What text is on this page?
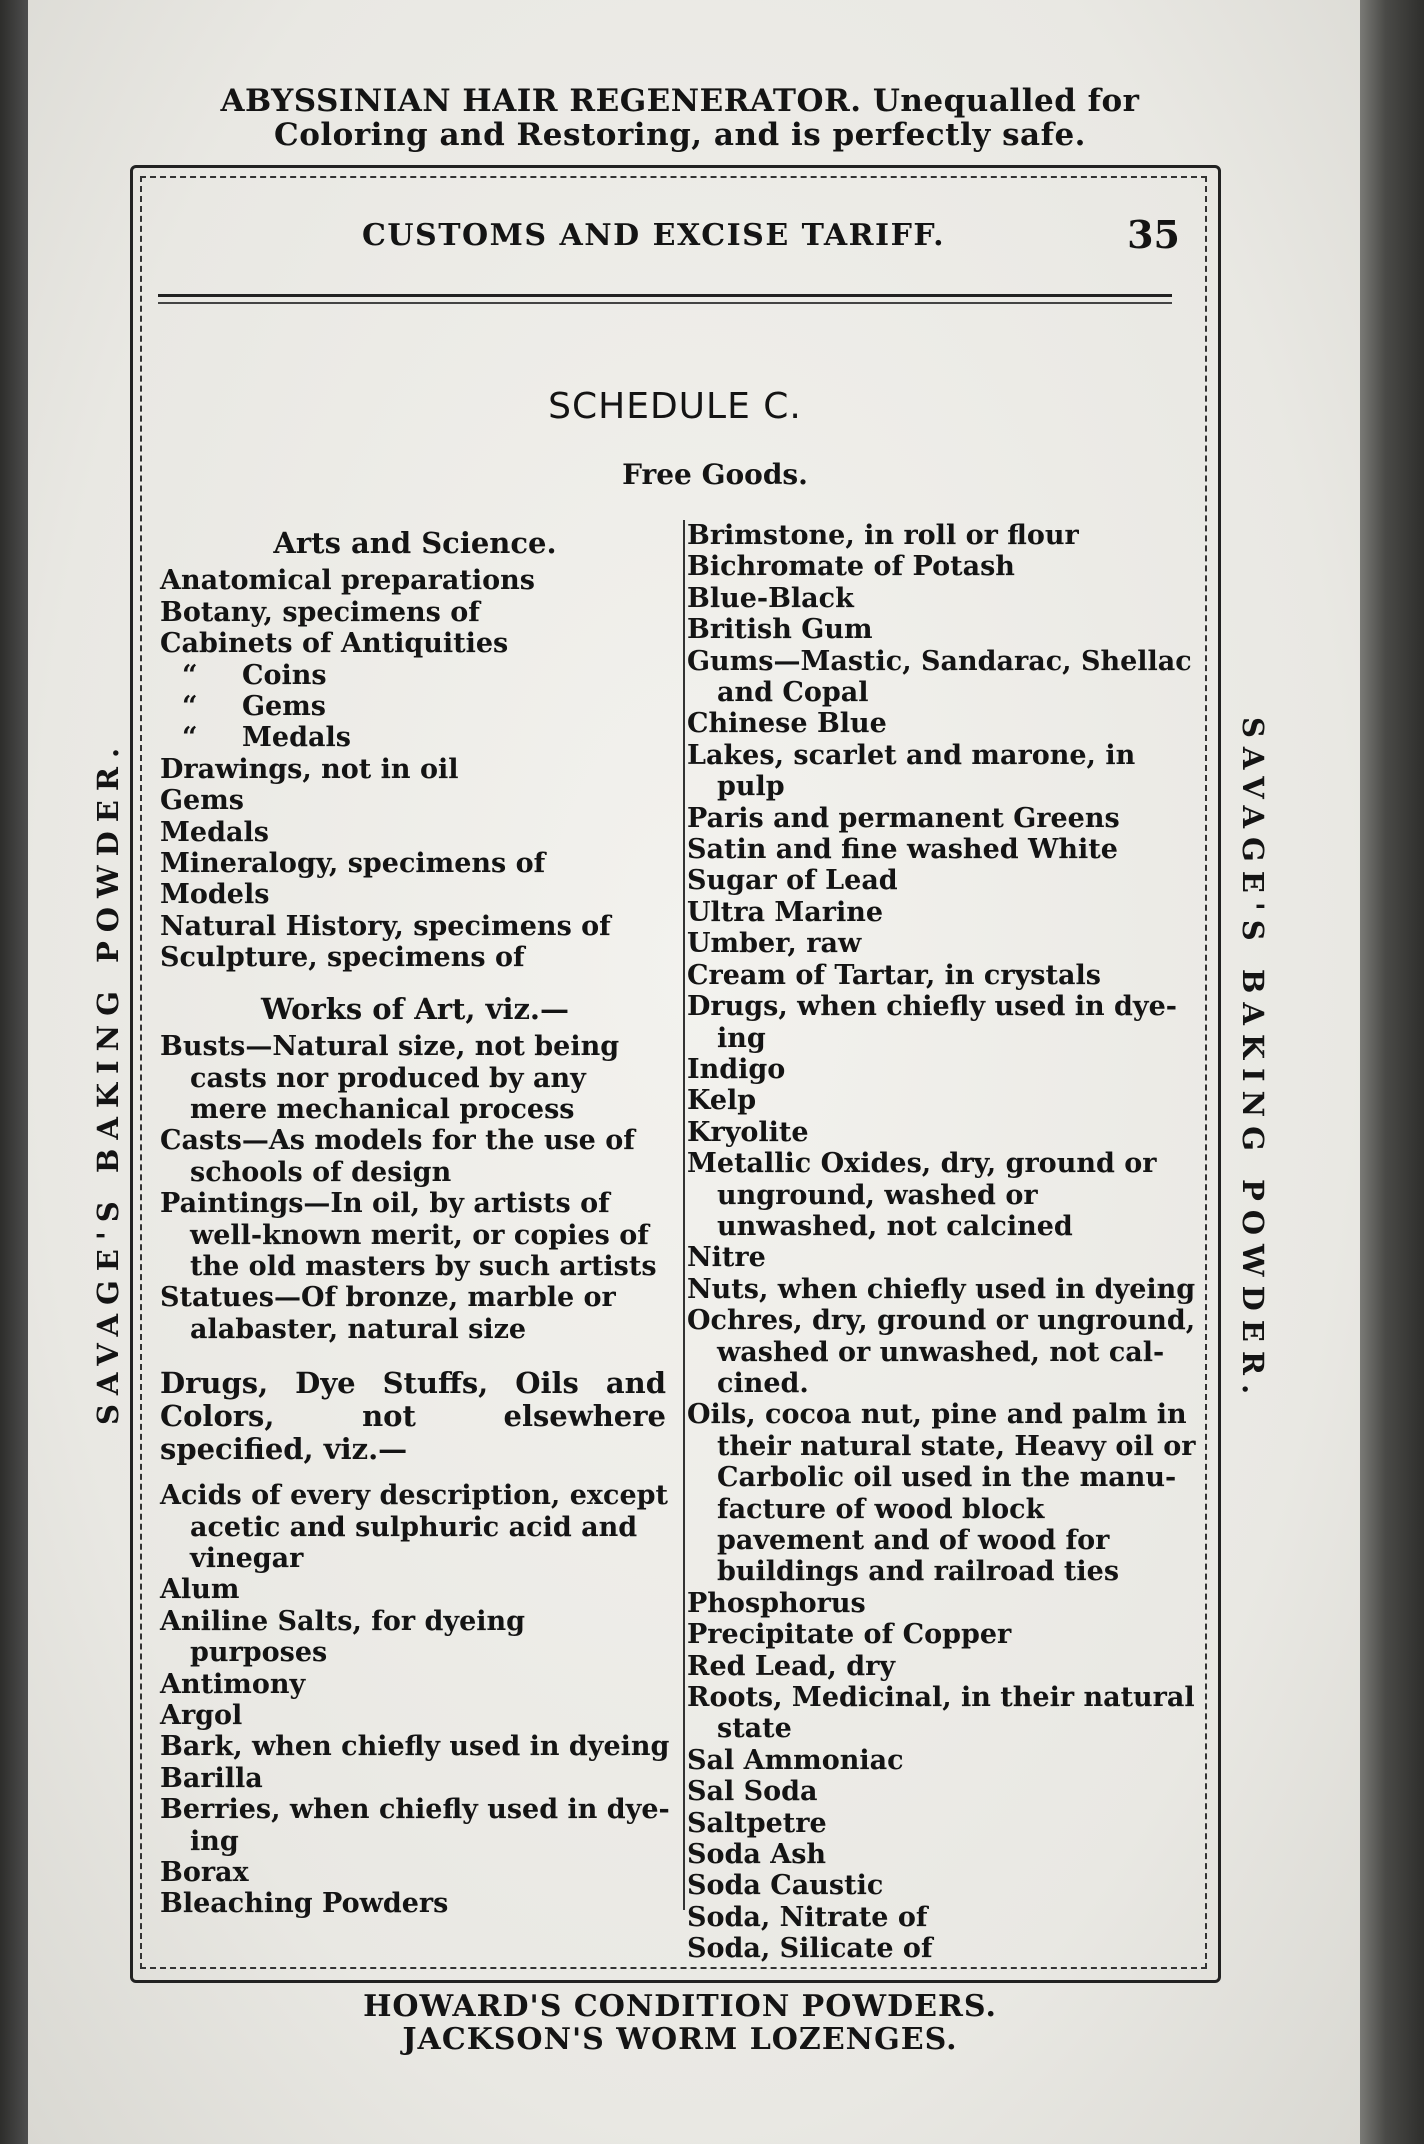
ABYSSINIAN HAIR REGENERATOR. Unequalled for
Coloring and Restoring, and is perfectly safe.
CUSTOMS AND EXCISE TARIFF.	35
SCHEDULE C.
Free Goods.
Arts and Science.
Anatomical preparations
Botany, specimens of
Cabinets of Antiquities
“ Coins
“ Gems
“ Medals
Drawings, not in oil
Gems
Medals
Mineralogy, specimens of
Models
Natural History, specimens of
Sculpture, specimens of
Works of Art, viz.—
Busts—Natural size, not being casts nor produced by any mere mechanical process
Casts—As models for the use of schools of design
Paintings—In oil, by artists of well-known merit, or copies of the old masters by such artists
Statues—Of bronze, marble or alabaster, natural size
Drugs, Dye Stuffs, Oils and Colors, not elsewhere specified, viz.—
Acids of every description, except acetic and sulphuric acid and vinegar
Alum
Aniline Salts, for dyeing purposes
Antimony
Argol
Bark, when chiefly used in dyeing
Barilla
Berries, when chiefly used in dye-ing
Borax
Bleaching Powders
Brimstone, in roll or flour
Bichromate of Potash
Blue-Black
British Gum
Gums—Mastic, Sandarac, Shellac and Copal
Chinese Blue
Lakes, scarlet and marone, in pulp
Paris and permanent Greens
Satin and fine washed White
Sugar of Lead
Ultra Marine
Umber, raw
Cream of Tartar, in crystals
Drugs, when chiefly used in dye-ing
Indigo
Kelp
Kryolite
Metallic Oxides, dry, ground or unground, washed or unwashed, not calcined
Nitre
Nuts, when chiefly used in dyeing
Ochres, dry, ground or unground, washed or unwashed, not cal-cined.
Oils, cocoa nut, pine and palm in their natural state, Heavy oil or Carbolic oil used in the manu-facture of wood block pavement and of wood for buildings and railroad ties
Phosphorus
Precipitate of Copper
Red Lead, dry
Roots, Medicinal, in their natural state
Sal Ammoniac
Sal Soda
Saltpetre
Soda Ash
Soda Caustic
Soda, Nitrate of
Soda, Silicate of
SAVAGE'S BAKING POWDER.	SAVAGE'S BAKING POWDER.
HOWARD'S CONDITION POWDERS.
JACKSON'S WORM LOZENGES.
